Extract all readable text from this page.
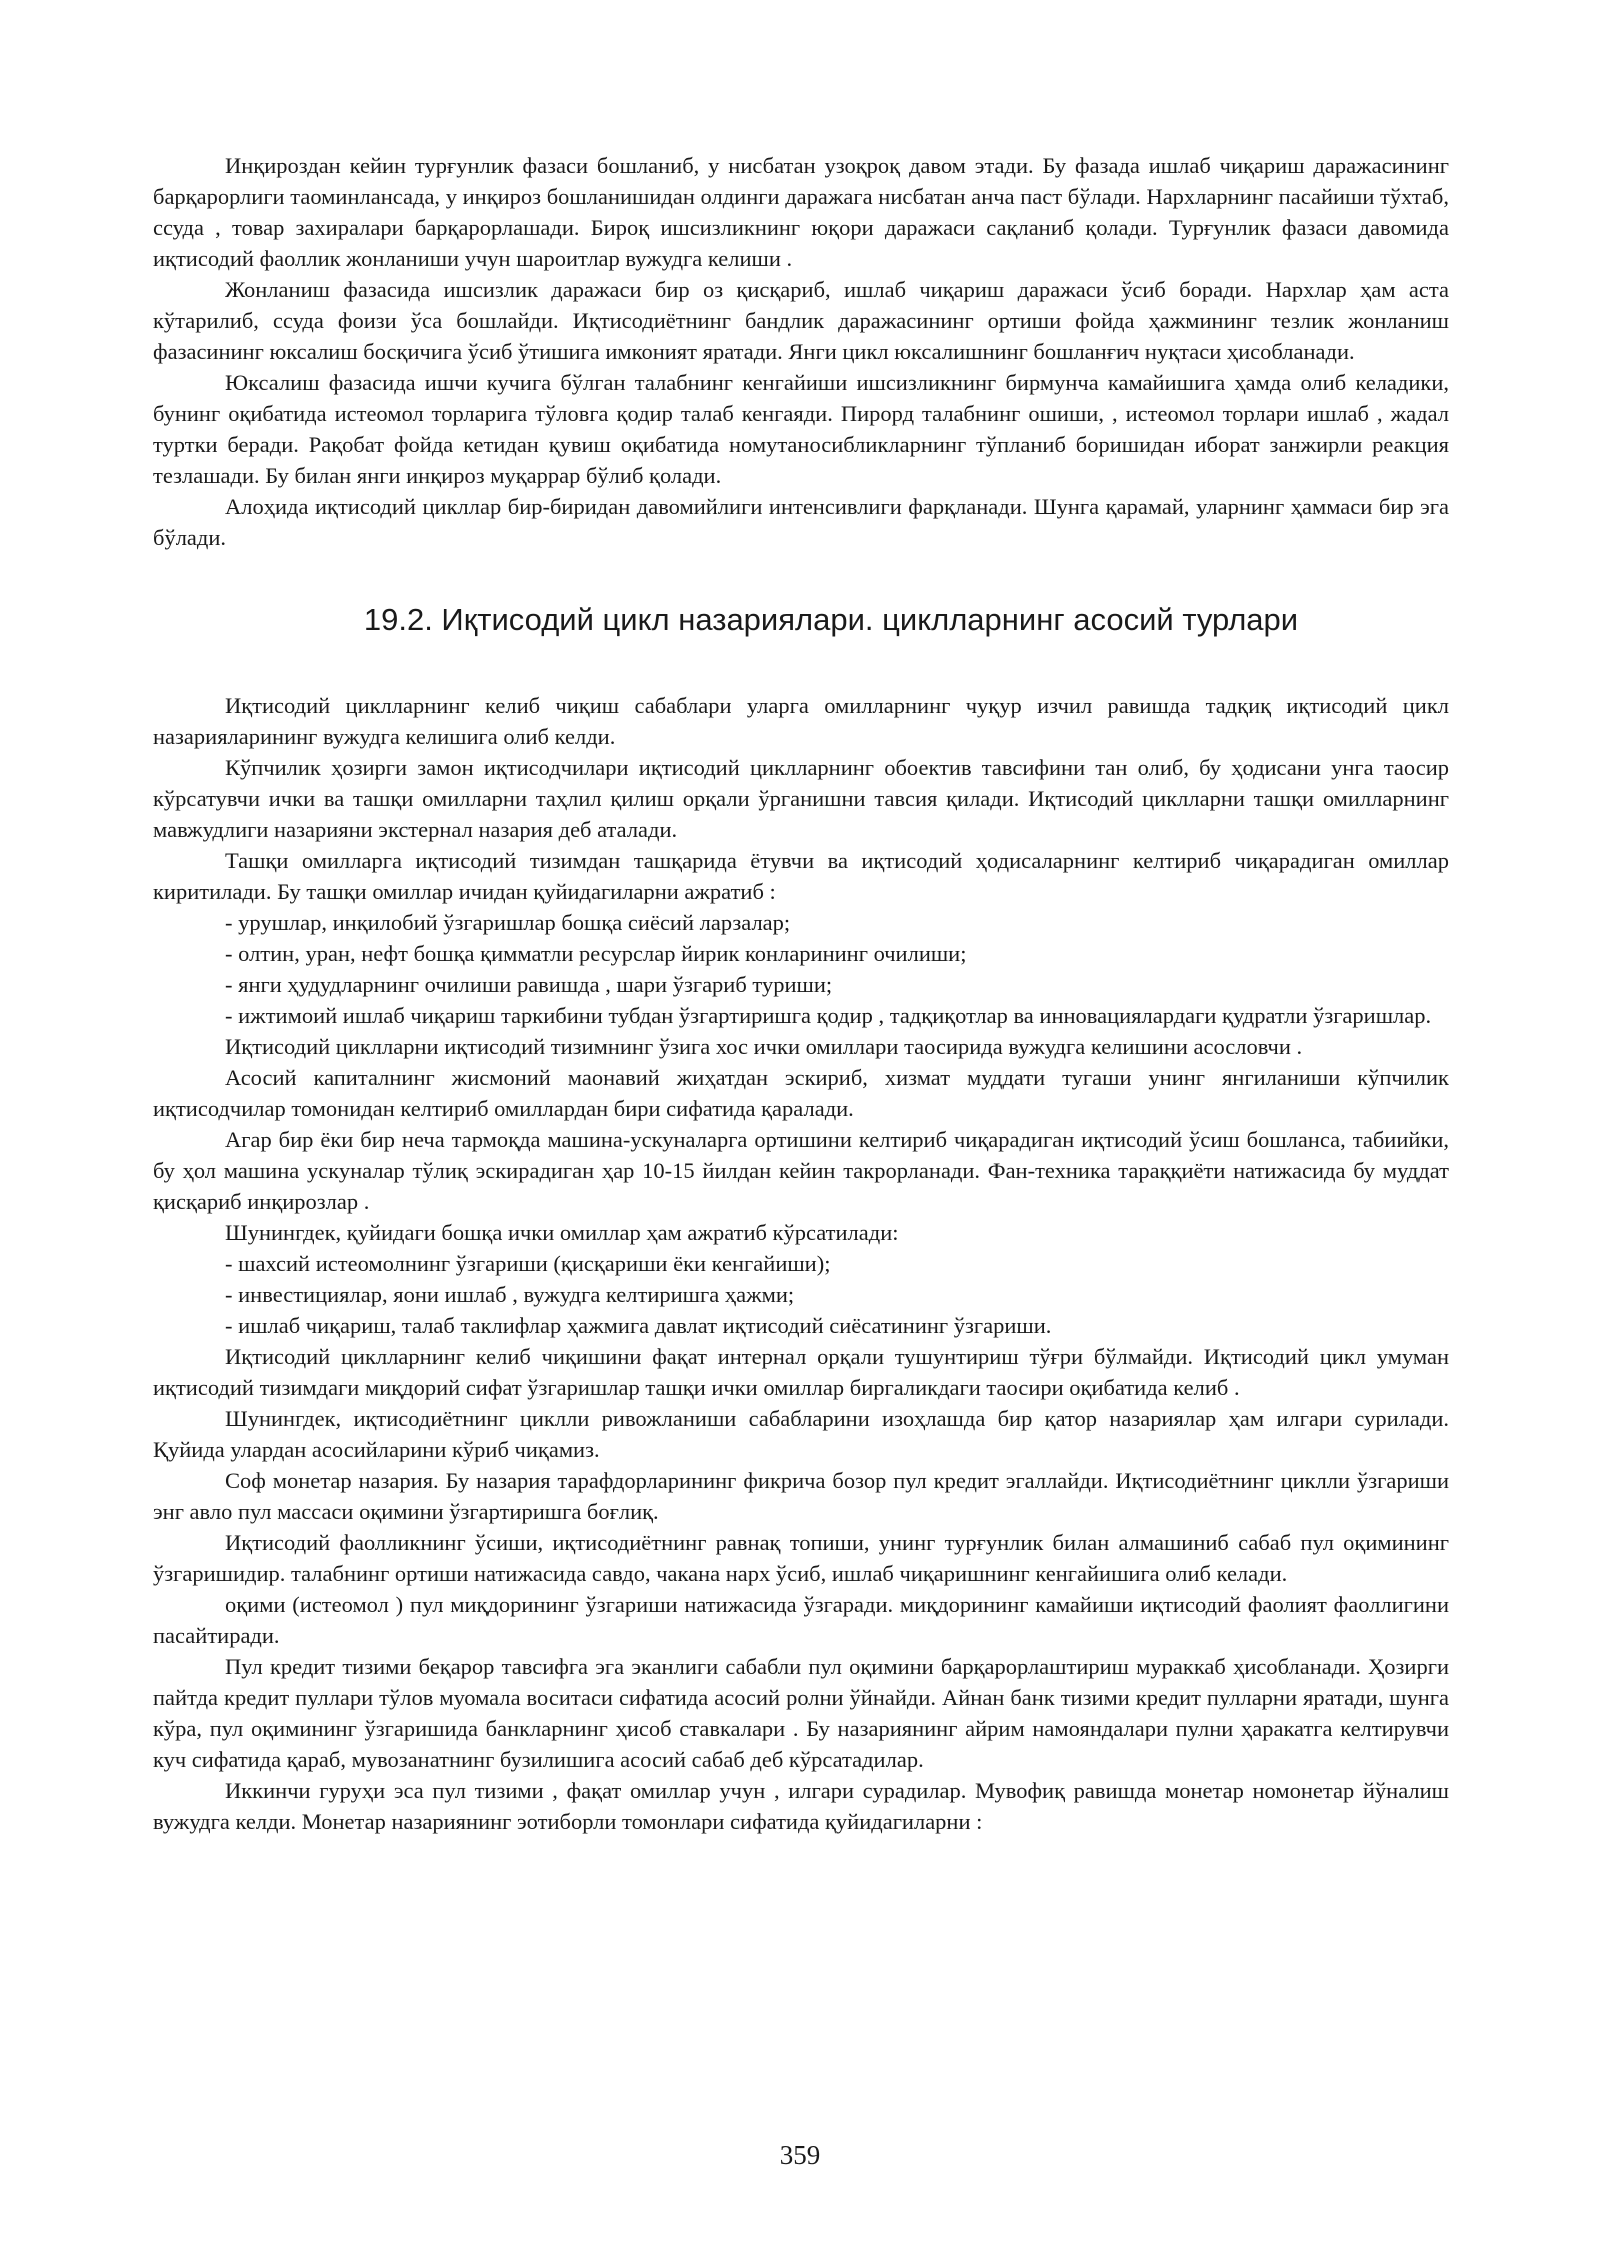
Инқироздан кейин турғунлик фазаси бошланиб, у нисбатан узоқроқ давом этади. Бу фазада ишлаб чиқариш даражасининг барқарорлиги таоминлансада, у инқироз бошланишидан олдинги даражага нисбатан анча паст бўлади. Нархларнинг пасайиши тўхтаб, ссуда , товар захиралари барқарорлашади. Бироқ ишсизликнинг юқори даражаси сақланиб қолади. Турғунлик фазаси давомида иқтисодий фаоллик жонланиши учун шароитлар вужудга келиши .

Жонланиш фазасида ишсизлик даражаси бир оз қисқариб, ишлаб чиқариш даражаси ўсиб боради. Нархлар ҳам аста кўтарилиб, ссуда фоизи ўса бошлайди. Иқтисодиётнинг бандлик даражасининг ортиши фойда ҳажмининг тезлик жонланиш фазасининг юксалиш босқичига ўсиб ўтишига имконият яратади. Янги цикл юксалишнинг бошланғич нуқтаси ҳисобланади.

Юксалиш фазасида ишчи кучига бўлган талабнинг кенгайиши ишсизликнинг бирмунча камайишига ҳамда олиб келадики, бунинг оқибатида истеомол торларига тўловга қодир талаб кенгаяди. Пирорд талабнинг ошиши, , истеомол торлари ишлаб , жадал туртки беради. Рақобат фойда кетидан қувиш оқибатида номутаносибликларнинг тўпланиб боришидан иборат занжирли реакция тезлашади. Бу билан янги инқироз муқаррар бўлиб қолади.

Алоҳида иқтисодий цикллар бир-биридан давомийлиги интенсивлиги фарқланади. Шунга қарамай, уларнинг ҳаммаси бир эга бўлади.

19.2. Иқтисодий цикл назариялари. циклларнинг асосий турлари

Иқтисодий циклларнинг келиб чиқиш сабаблари уларга омилларнинг чуқур изчил равишда тадқиқ иқтисодий цикл назарияларининг вужудга келишига олиб келди.

Кўпчилик ҳозирги замон иқтисодчилари иқтисодий циклларнинг обоектив тавсифини тан олиб, бу ҳодисани унга таосир кўрсатувчи ички ва ташқи омилларни таҳлил қилиш орқали ўрганишни тавсия қилади. Иқтисодий циклларни ташқи омилларнинг мавжудлиги назарияни экстернал назария деб аталади.

Ташқи омилларга иқтисодий тизимдан ташқарида ётувчи ва иқтисодий ҳодисаларнинг келтириб чиқарадиган омиллар киритилади. Бу ташқи омиллар ичидан қуйидагиларни ажратиб :

- урушлар, инқилобий ўзгаришлар бошқа сиёсий ларзалар;

- олтин, уран, нефт бошқа қимматли ресурслар йирик конларининг очилиши;

- янги ҳудудларнинг очилиши равишда , шари ўзгариб туриши;

- ижтимоий ишлаб чиқариш таркибини тубдан ўзгартиришга қодир , тадқиқотлар ва инновациялардаги қудратли ўзгаришлар.

Иқтисодий циклларни иқтисодий тизимнинг ўзига хос ички омиллари таосирида вужудга келишини асословчи .

Асосий капиталнинг жисмоний маонавий жиҳатдан эскириб, хизмат муддати тугаши унинг янгиланиши кўпчилик иқтисодчилар томонидан келтириб омиллардан бири сифатида қаралади.

Агар бир ёки бир неча тармоқда машина-ускуналарга ортишини келтириб чиқарадиган иқтисодий ўсиш бошланса, табиийки, бу ҳол машина ускуналар тўлиқ эскирадиган ҳар 10-15 йилдан кейин такрорланади. Фан-техника тараққиёти натижасида бу муддат қисқариб инқирозлар .

Шунингдек, қуйидаги бошқа ички омиллар ҳам ажратиб кўрсатилади:

- шахсий истеомолнинг ўзгариши (қисқариши ёки кенгайиши);

- инвестициялар, яони ишлаб , вужудга келтиришга ҳажми;

- ишлаб чиқариш, талаб таклифлар ҳажмига давлат иқтисодий сиёсатининг ўзгариши.

Иқтисодий циклларнинг келиб чиқишини фақат интернал орқали тушунтириш тўғри бўлмайди. Иқтисодий цикл умуман иқтисодий тизимдаги миқдорий сифат ўзгаришлар ташқи ички омиллар биргаликдаги таосири оқибатида келиб .

Шунингдек, иқтисодиётнинг циклли ривожланиши сабабларини изоҳлашда бир қатор назариялар ҳам илгари сурилади. Қуйида улардан асосийларини кўриб чиқамиз.

Соф монетар назария. Бу назария тарафдорларининг фикрича бозор пул кредит эгаллайди. Иқтисодиётнинг циклли ўзгариши энг авло пул массаси оқимини ўзгартиришга боғлиқ.

Иқтисодий фаолликнинг ўсиши, иқтисодиётнинг равнақ топиши, унинг турғунлик билан алмашиниб сабаб пул оқимининг ўзгаришидир. талабнинг ортиши натижасида савдо, чакана нарх ўсиб, ишлаб чиқаришнинг кенгайишига олиб келади.

оқими (истеомол ) пул миқдорининг ўзгариши натижасида ўзгаради. миқдорининг камайиши иқтисодий фаолият фаоллигини пасайтиради.

Пул кредит тизими беқарор тавсифга эга эканлиги сабабли пул оқимини барқарорлаштириш мураккаб ҳисобланади. Ҳозирги пайтда кредит пуллари тўлов муомала воситаси сифатида асосий ролни ўйнайди. Айнан банк тизими кредит пулларни яратади, шунга кўра, пул оқимининг ўзгаришида банкларнинг ҳисоб ставкалари . Бу назариянинг айрим намояндалари пулни ҳаракатга келтирувчи куч сифатида қараб, мувозанатнинг бузилишига асосий сабаб деб кўрсатадилар.

Иккинчи гуруҳи эса пул тизими , фақат омиллар учун , илгари сурадилар. Мувофиқ равишда монетар номонетар йўналиш вужудга келди. Монетар назариянинг эотиборли томонлари сифатида қуйидагиларни :

359
